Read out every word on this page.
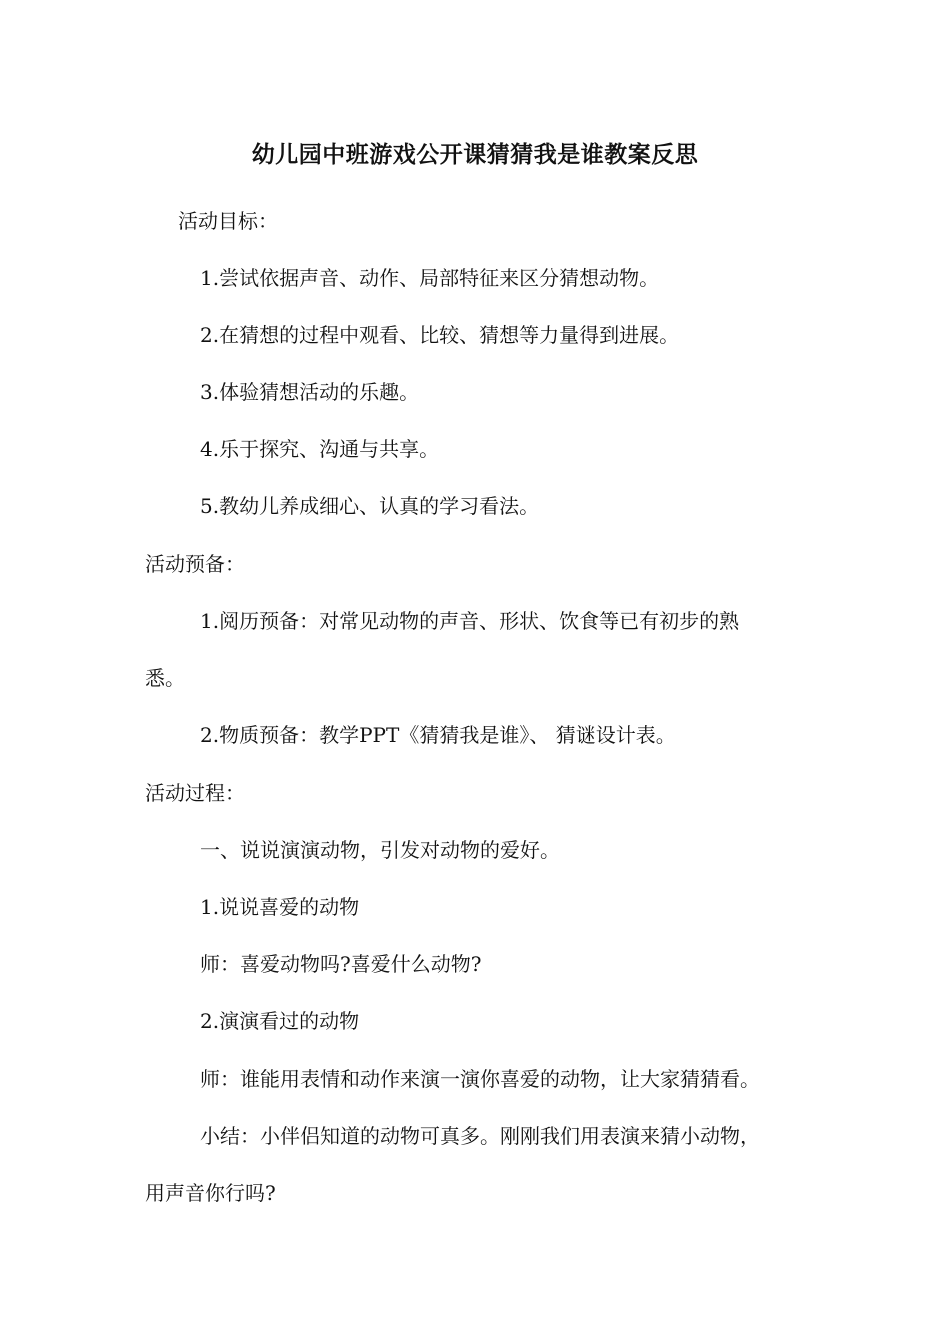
幼儿园中班游戏公开课猜猜我是谁教案反思
活动目标：
1.尝试依据声音、动作、局部特征来区分猜想动物。
2.在猜想的过程中观看、比较、猜想等力量得到进展。
3.体验猜想活动的乐趣。
4.乐于探究、沟通与共享。
5.教幼儿养成细心、认真的学习看法。
活动预备：
1.阅历预备：对常见动物的声音、形状、饮食等已有初步的熟
悉。
2.物质预备：教学PPT《猜猜我是谁》、 猜谜设计表。
活动过程：
一、说说演演动物，引发对动物的爱好。
1.说说喜爱的动物
师：喜爱动物吗?喜爱什么动物?
2.演演看过的动物
师：谁能用表情和动作来演一演你喜爱的动物，让大家猜猜看。
小结：小伴侣知道的动物可真多。刚刚我们用表演来猜小动物，
用声音你行吗?
